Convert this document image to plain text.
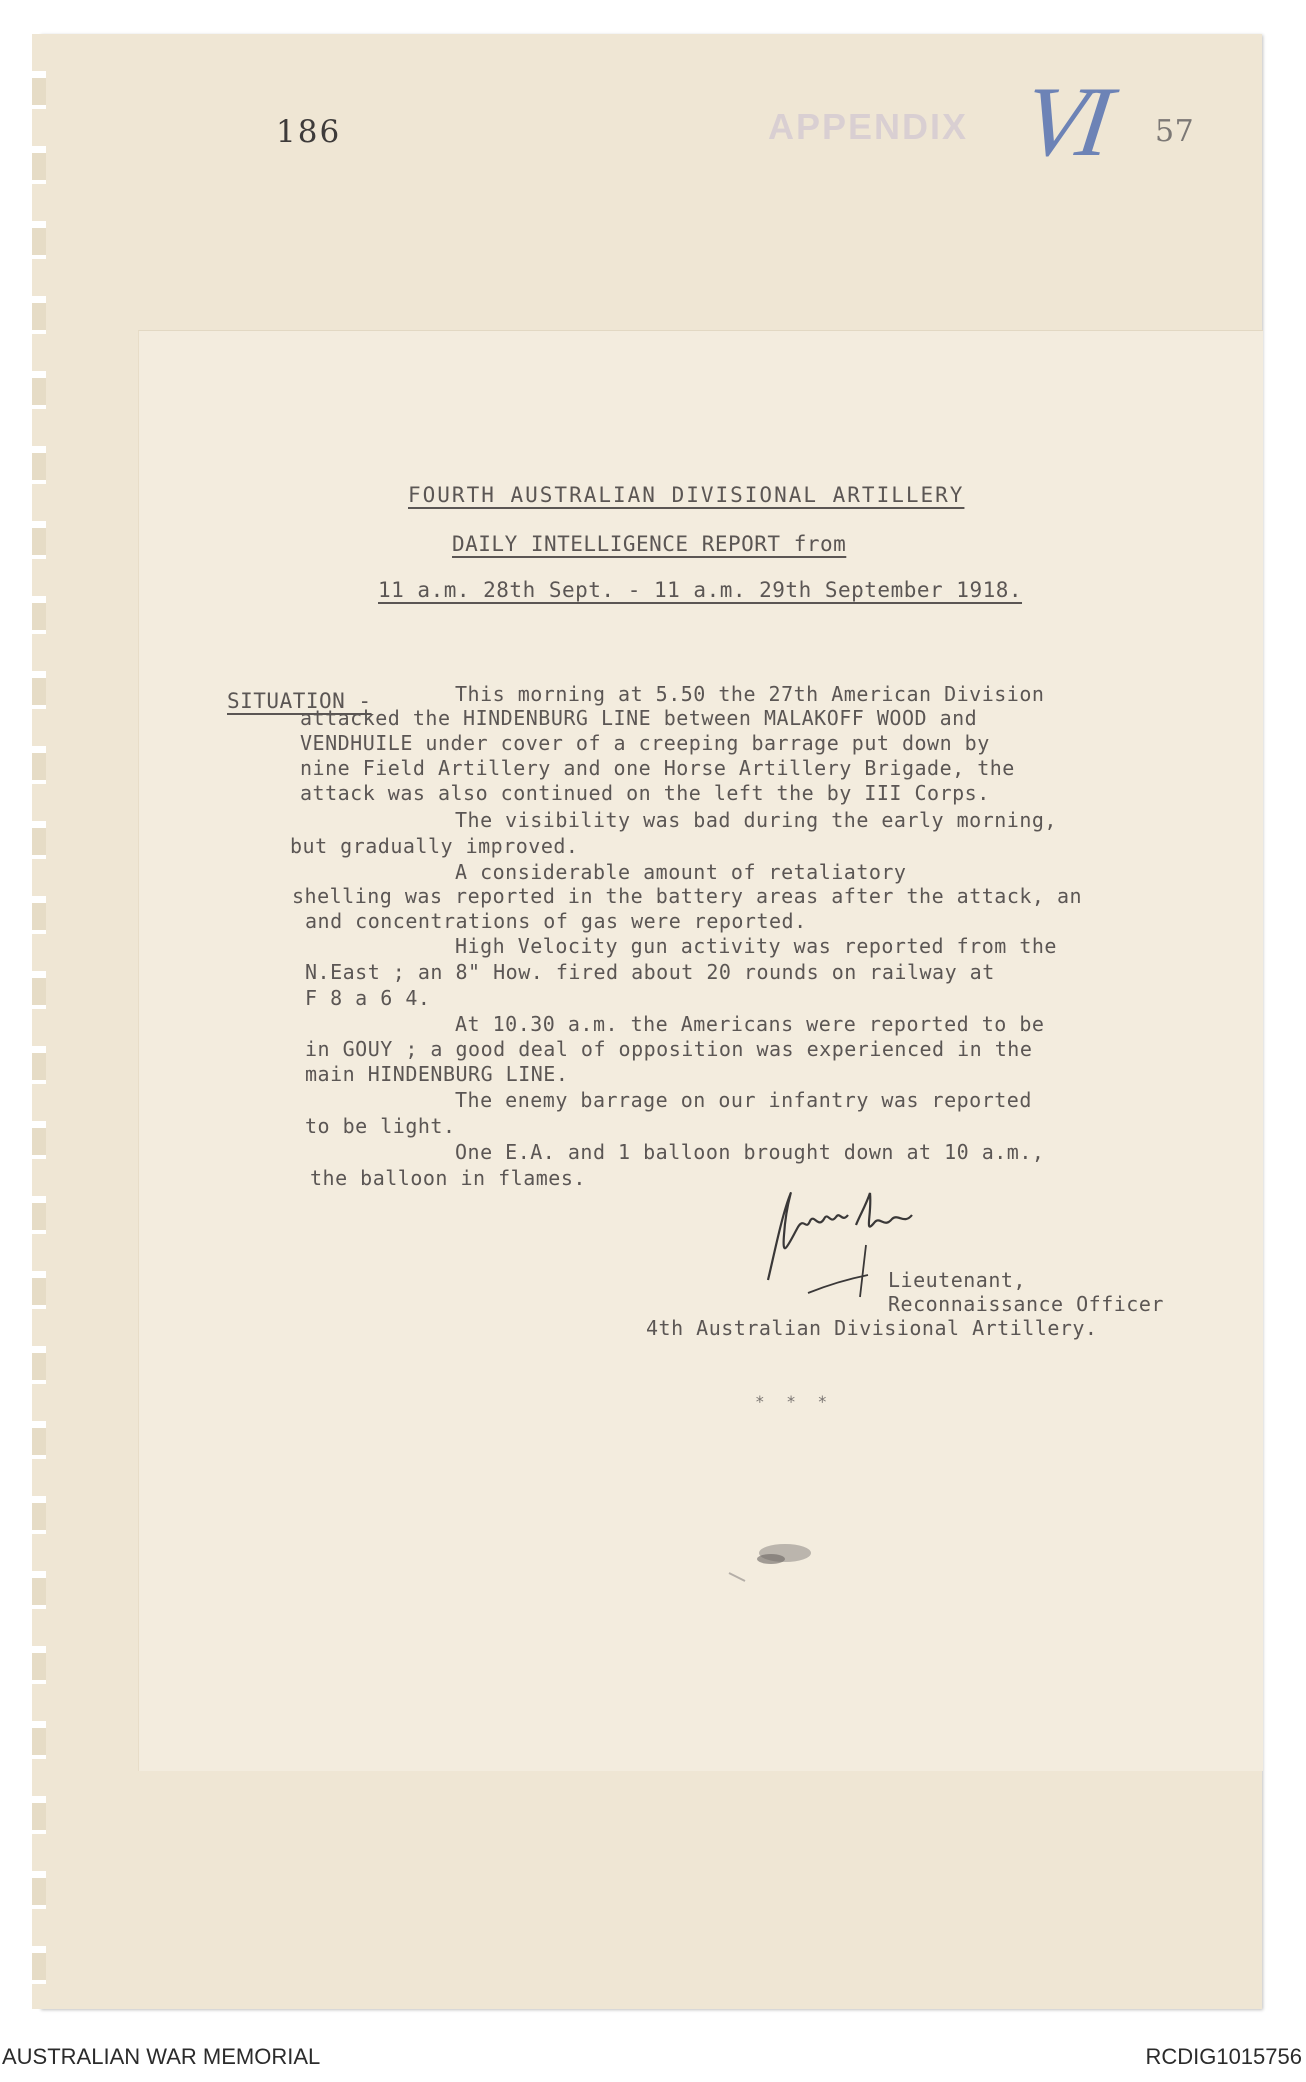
186	APPENDIX VI 57

FOURTH AUSTRALIAN DIVISIONAL ARTILLERY

DAILY INTELLIGENCE REPORT from

11 a.m. 28th Sept. - 11 a.m. 29th September 1918.

SITUATION -	This morning at 5.50 the 27th American Division

attacked the HINDENBURG LINE between MALAKOFF WOOD and

VENDHUILE under cover of a creeping barrage put down by

nine Field Artillery and one Horse Artillery Brigade, the

attack was also continued on the left the by III Corps.

The visibility was bad during the early morning,

but gradually improved.

A considerable amount of retaliatory

shelling was reported in the battery areas after the attack, an

and concentrations of gas were reported.

High Velocity gun activity was reported from the

N.East ; an 8" How. fired about 20 rounds on railway at

F 8 a 6 4.

At 10.30 a.m. the Americans were reported to be

in GOUY ; a good deal of opposition was experienced in the

main HINDENBURG LINE.

The enemy barrage on our infantry was reported

to be light.

One E.A. and 1 balloon brought down at 10 a.m.,

the balloon in flames.

Lieutenant,

Reconnaissance Officer

4th Australian Divisional Artillery.

* * *

AUSTRALIAN WAR MEMORIAL	RCDIG1015756
